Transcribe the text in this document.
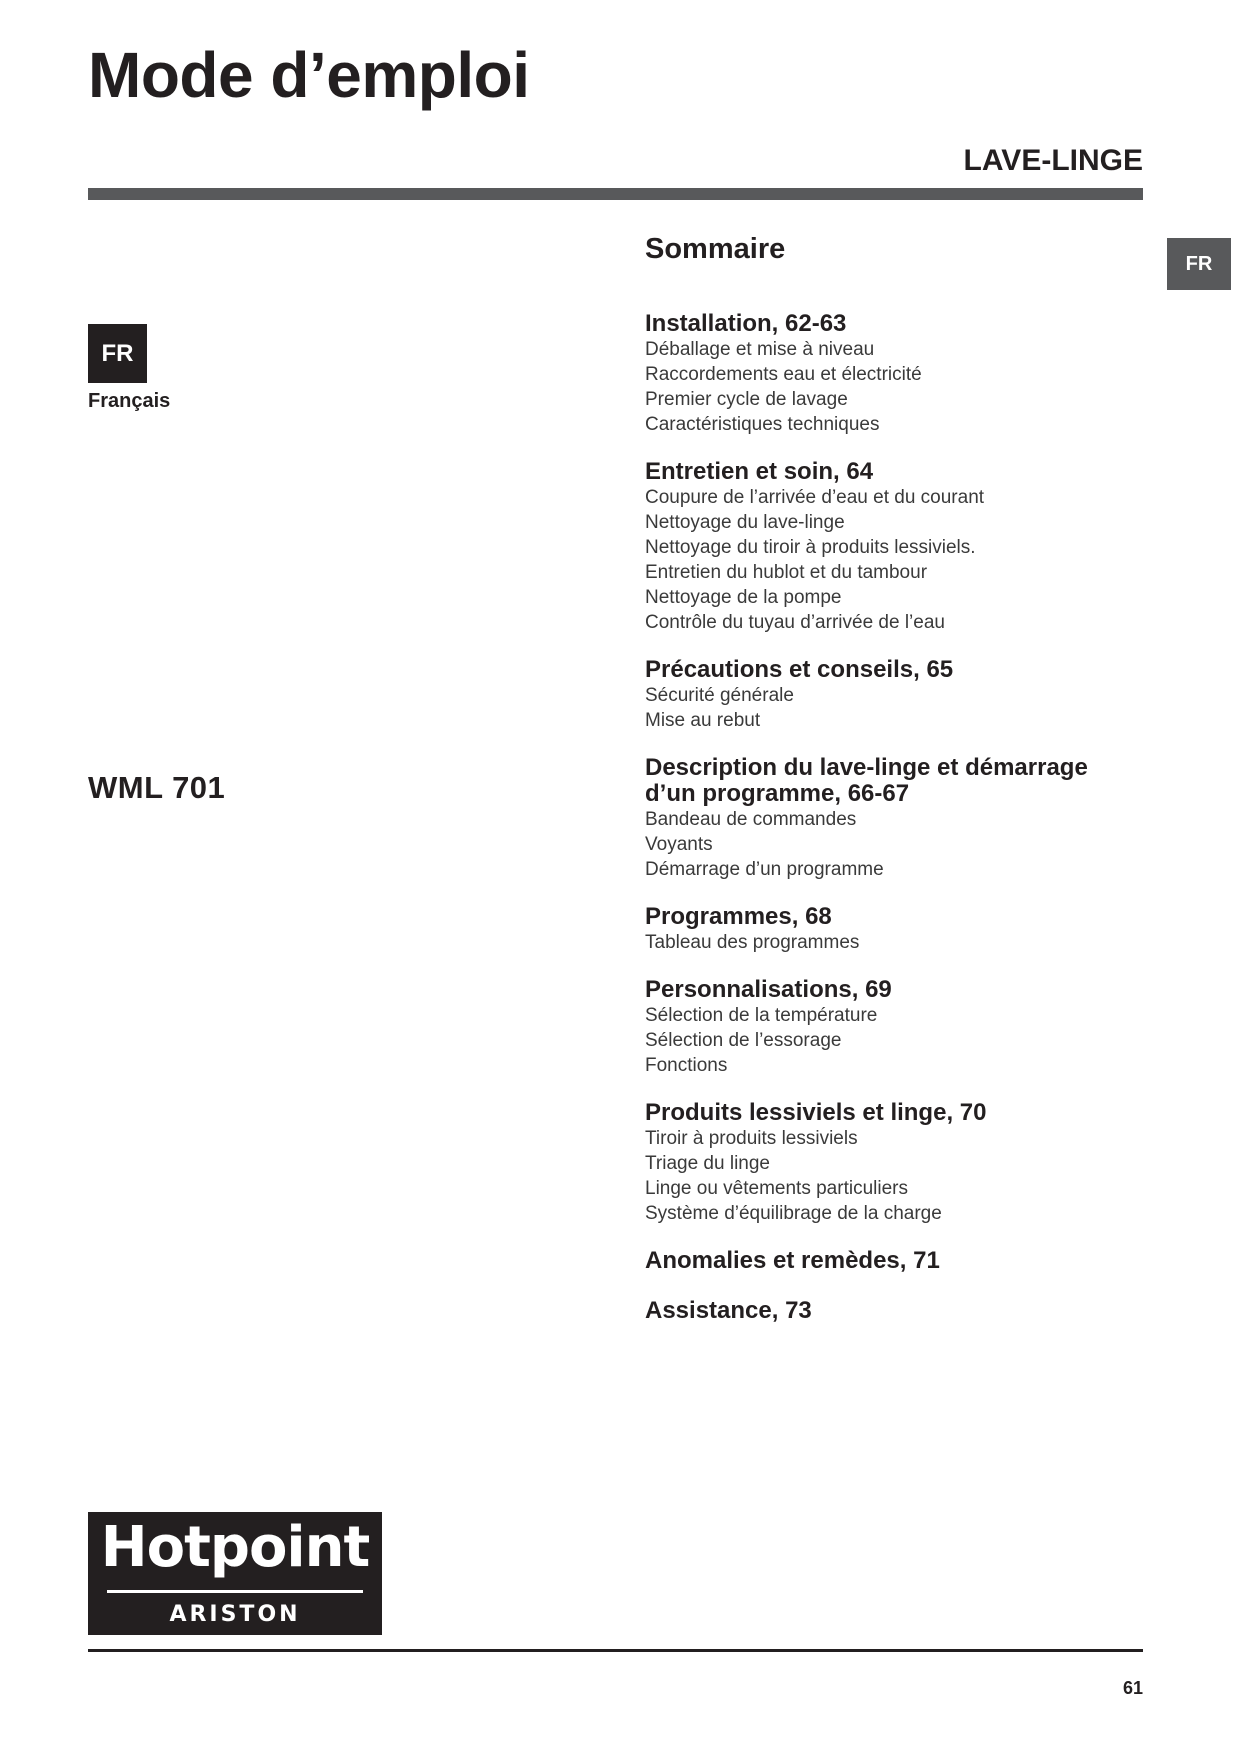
Mode d’emploi
LAVE-LINGE
FR
FR
Français
WML 701
Sommaire
Installation, 62-63
Déballage et mise à niveau
Raccordements eau et électricité
Premier cycle de lavage
Caractéristiques techniques
Entretien et soin, 64
Coupure de l’arrivée d’eau et du courant
Nettoyage du lave-linge
Nettoyage du tiroir à produits lessiviels.
Entretien du hublot et du tambour
Nettoyage de la pompe
Contrôle du tuyau d’arrivée de l’eau
Précautions et conseils, 65
Sécurité générale
Mise au rebut
Description du lave-linge et démarrage d’un programme, 66-67
Bandeau de commandes
Voyants
Démarrage d’un programme
Programmes, 68
Tableau des programmes
Personnalisations, 69
Sélection de la température
Sélection de l’essorage
Fonctions
Produits lessiviels et linge, 70
Tiroir à produits lessiviels
Triage du linge
Linge ou vêtements particuliers
Système d’équilibrage de la charge
Anomalies et remèdes, 71
Assistance, 73
Hotpoint
ARISTON
61
